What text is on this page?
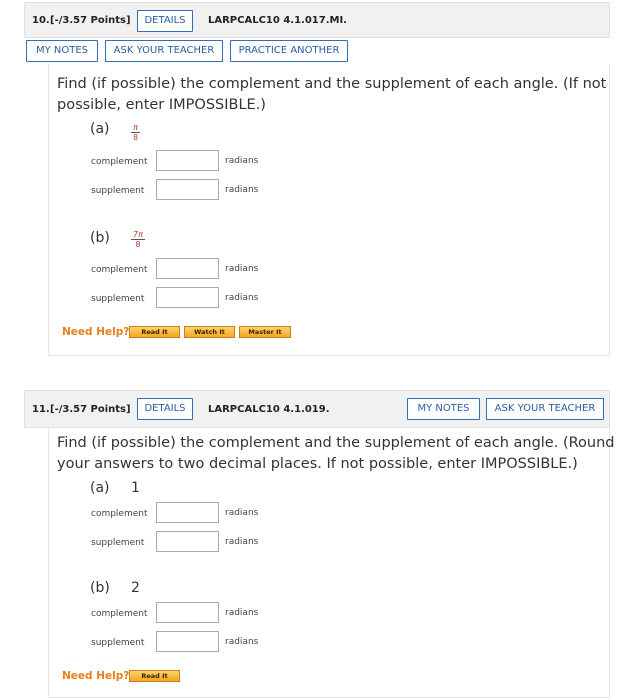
10. [-/3.57 Points]	DETAILS	LARPCALC10 4.1.017.MI.
MY NOTES	ASK YOUR TEACHER	PRACTICE ANOTHER
Find (if possible) the complement and the supplement of each angle. (If not
possible, enter IMPOSSIBLE.)
(a)	π
8
complement	radians
supplement	radians
(b)	7π
8
complement	radians
supplement	radians
Need Help?	Read It	Watch It	Master It
11. [-/3.57 Points]	DETAILS	LARPCALC10 4.1.019.	MY NOTES	ASK YOUR TEACHER
Find (if possible) the complement and the supplement of each angle. (Round
your answers to two decimal places. If not possible, enter IMPOSSIBLE.)
(a) 1
complement	radians
supplement	radians
(b) 2
complement	radians
supplement	radians
Need Help?	Read It
